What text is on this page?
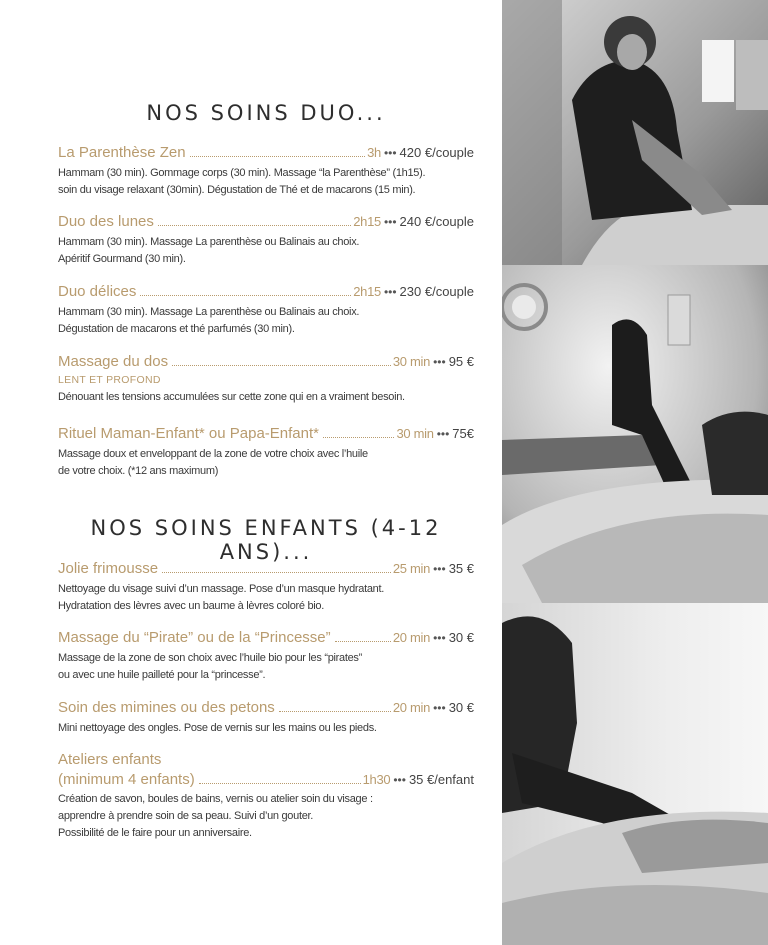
NOS SOINS DUO...
La Parenthèse Zen	3h ••• 420 €/couple
Hammam (30 min). Gommage corps (30 min). Massage “la Parenthèse” (1h15).
soin du visage relaxant (30min). Dégustation de Thé et de macarons (15 min).
Duo des lunes	2h15 ••• 240 €/couple
Hammam (30 min). Massage La parenthèse ou Balinais au choix.
Apéritif Gourmand (30 min).
Duo délices	2h15 ••• 230 €/couple
Hammam (30 min). Massage La parenthèse ou Balinais au choix.
Dégustation de macarons et thé parfumés (30 min).
Massage du dos	30 min ••• 95 €
LENT ET PROFOND
Dénouant les tensions accumulées sur cette zone qui en a vraiment besoin.
Rituel Maman-Enfant* ou Papa-Enfant*	30 min ••• 75€
Massage doux et enveloppant de la zone de votre choix avec l’huile
de votre choix. (*12 ans maximum)
NOS SOINS ENFANTS (4-12 ANS)...
Jolie frimousse	25 min ••• 35 €
Nettoyage du visage suivi d’un massage. Pose d’un masque hydratant.
Hydratation des lèvres avec un baume à lèvres coloré bio.
Massage du “Pirate” ou de la “Princesse”	20 min ••• 30 €
Massage de la zone de son choix avec l’huile bio pour les “pirates”
ou avec une huile pailleté pour la “princesse”.
Soin des mimines ou des petons	20 min ••• 30 €
Mini nettoyage des ongles. Pose de vernis sur les mains ou les pieds.
Ateliers enfants
(minimum 4 enfants)	1h30 ••• 35 €/enfant
Création de savon, boules de bains, vernis ou atelier soin du visage :
apprendre à prendre soin de sa peau. Suivi d’un gouter.
Possibilité de le faire pour un anniversaire.
